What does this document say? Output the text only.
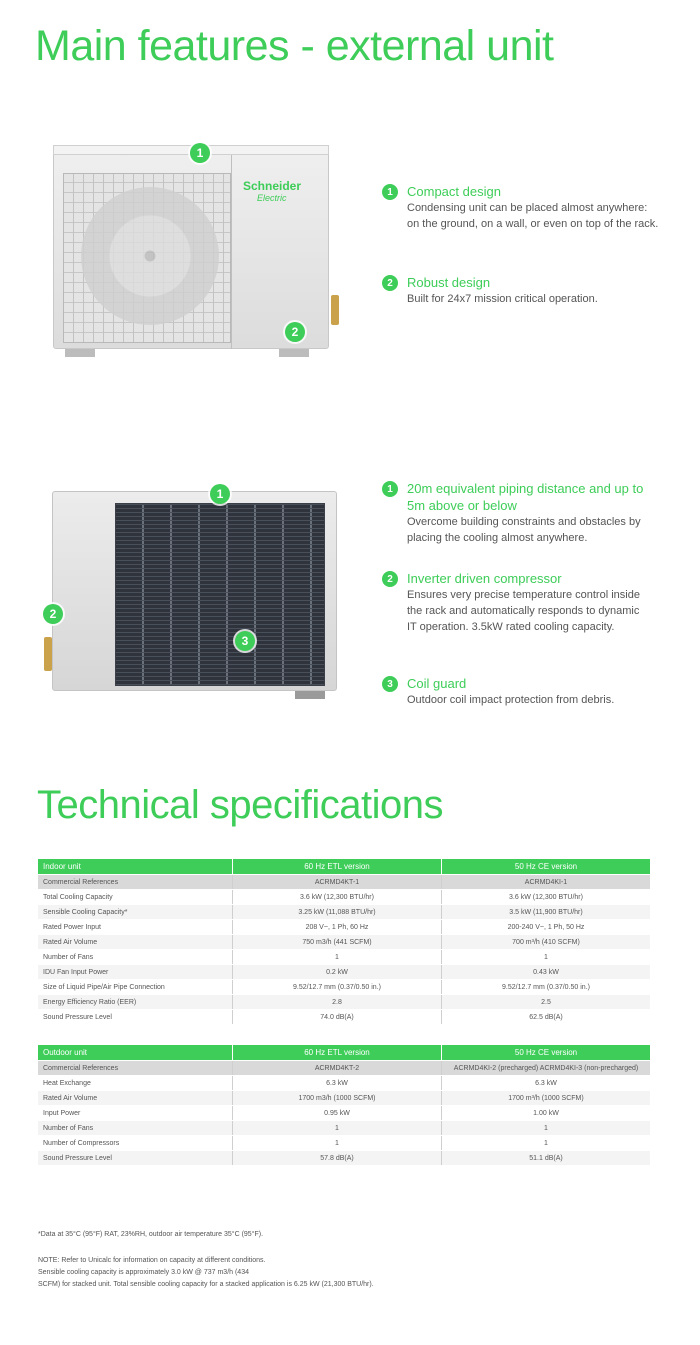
Main features - external unit
Schneider
Electric
1
2
1	Compact design
Condensing unit can be placed almost anywhere: on the ground, on a wall, or even on top of the rack.
2	Robust design
Built for 24x7 mission critical operation.
1
2
3
1	20m equivalent piping distance and up to 5m above or below
Overcome building constraints and obstacles by placing the cooling almost anywhere.
2	Inverter driven compressor
Ensures very precise temperature control inside the rack and automatically responds to dynamic IT operation. 3.5kW rated cooling capacity.
3	Coil guard
Outdoor coil impact protection from debris.
Technical specifications
Indoor unit	60 Hz ETL version	50 Hz CE version
Commercial References	ACRMD4KT-1	ACRMD4KI-1
Total Cooling Capacity	3.6 kW (12,300 BTU/hr)	3.6 kW (12,300 BTU/hr)
Sensible Cooling Capacity*	3.25 kW (11,088 BTU/hr)	3.5 kW (11,900 BTU/hr)
Rated Power Input	208 V~, 1 Ph, 60 Hz	200-240 V~, 1 Ph, 50 Hz
Rated Air Volume	750 m3/h (441 SCFM)	700 m³/h (410 SCFM)
Number of Fans	1	1
IDU Fan Input Power	0.2 kW	0.43 kW
Size of Liquid Pipe/Air Pipe Connection	9.52/12.7 mm (0.37/0.50 in.)	9.52/12.7 mm (0.37/0.50 in.)
Energy Efficiency Ratio (EER)	2.8	2.5
Sound Pressure Level	74.0 dB(A)	62.5 dB(A)
Outdoor unit	60 Hz ETL version	50 Hz CE version
Commercial References	ACRMD4KT-2	ACRMD4KI-2 (precharged) ACRMD4KI-3 (non-precharged)
Heat Exchange	6.3 kW	6.3 kW
Rated Air Volume	1700 m3/h (1000 SCFM)	1700 m³/h (1000 SCFM)
Input Power	0.95 kW	1.00 kW
Number of Fans	1	1
Number of Compressors	1	1
Sound Pressure Level	57.8 dB(A)	51.1 dB(A)
*Data at 35°C (95°F) RAT, 23%RH, outdoor air temperature 35°C (95°F).
NOTE: Refer to Unicalc for information on capacity at different conditions.
Sensible cooling capacity is approximately 3.0 kW @ 737 m3/h (434
SCFM) for stacked unit. Total sensible cooling capacity for a stacked application is 6.25 kW (21,300 BTU/hr).
